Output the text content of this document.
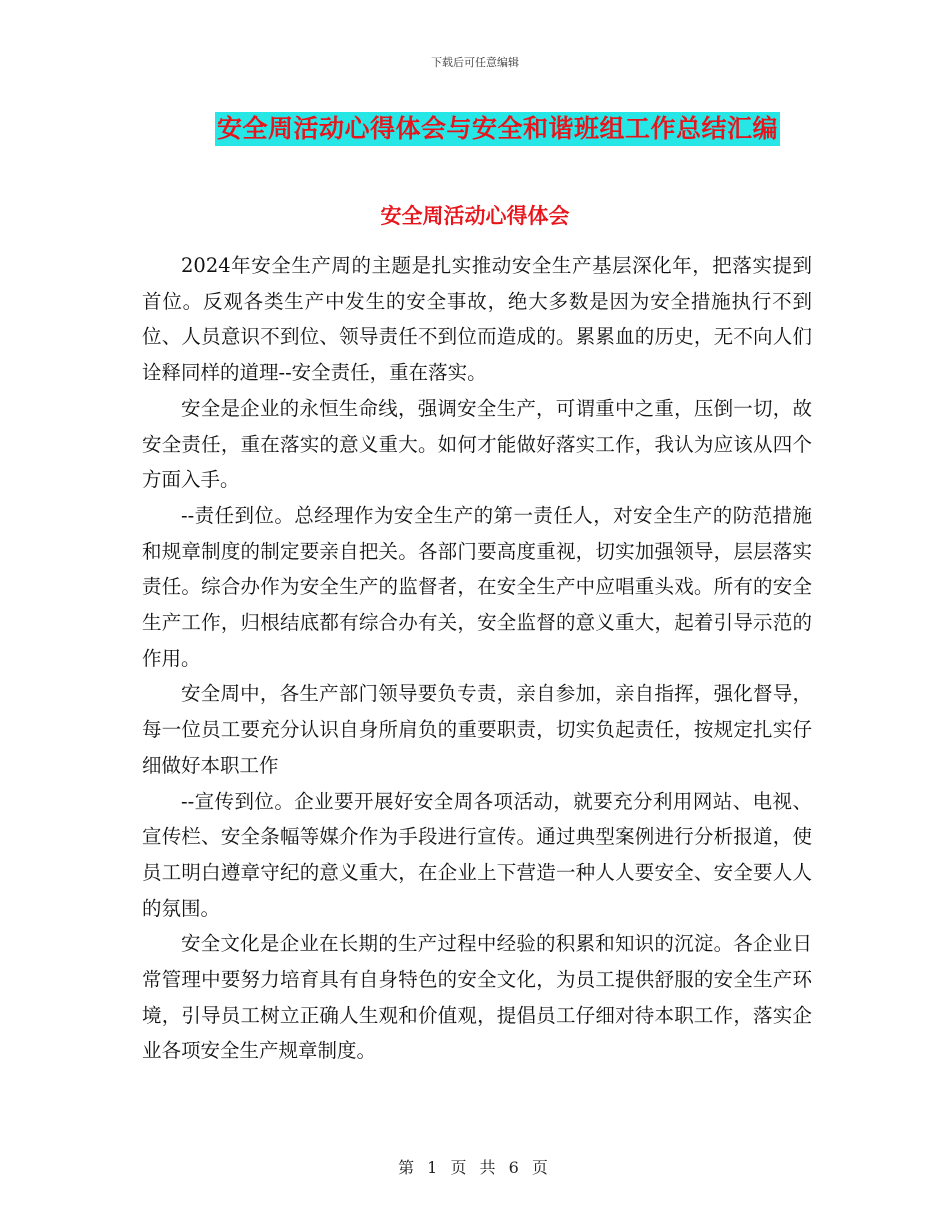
下载后可任意编辑
安全周活动心得体会与安全和谐班组工作总结汇编
安全周活动心得体会

2024年安全生产周的主题是扎实推动安全生产基层深化年，把落实提到首位。反观各类生产中发生的安全事故，绝大多数是因为安全措施执行不到位、人员意识不到位、领导责任不到位而造成的。累累血的历史，无不向人们诠释同样的道理--安全责任，重在落实。

安全是企业的永恒生命线，强调安全生产，可谓重中之重，压倒一切，故安全责任，重在落实的意义重大。如何才能做好落实工作，我认为应该从四个方面入手。

--责任到位。总经理作为安全生产的第一责任人，对安全生产的防范措施和规章制度的制定要亲自把关。各部门要高度重视，切实加强领导，层层落实责任。综合办作为安全生产的监督者，在安全生产中应唱重头戏。所有的安全生产工作，归根结底都有综合办有关，安全监督的意义重大，起着引导示范的作用。

安全周中，各生产部门领导要负专责，亲自参加，亲自指挥，强化督导，每一位员工要充分认识自身所肩负的重要职责，切实负起责任，按规定扎实仔细做好本职工作

--宣传到位。企业要开展好安全周各项活动，就要充分利用网站、电视、宣传栏、安全条幅等媒介作为手段进行宣传。通过典型案例进行分析报道，使员工明白遵章守纪的意义重大，在企业上下营造一种人人要安全、安全要人人的氛围。

安全文化是企业在长期的生产过程中经验的积累和知识的沉淀。各企业日常管理中要努力培育具有自身特色的安全文化，为员工提供舒服的安全生产环境，引导员工树立正确人生观和价值观，提倡员工仔细对待本职工作，落实企业各项安全生产规章制度。

第 1 页 共 6 页
